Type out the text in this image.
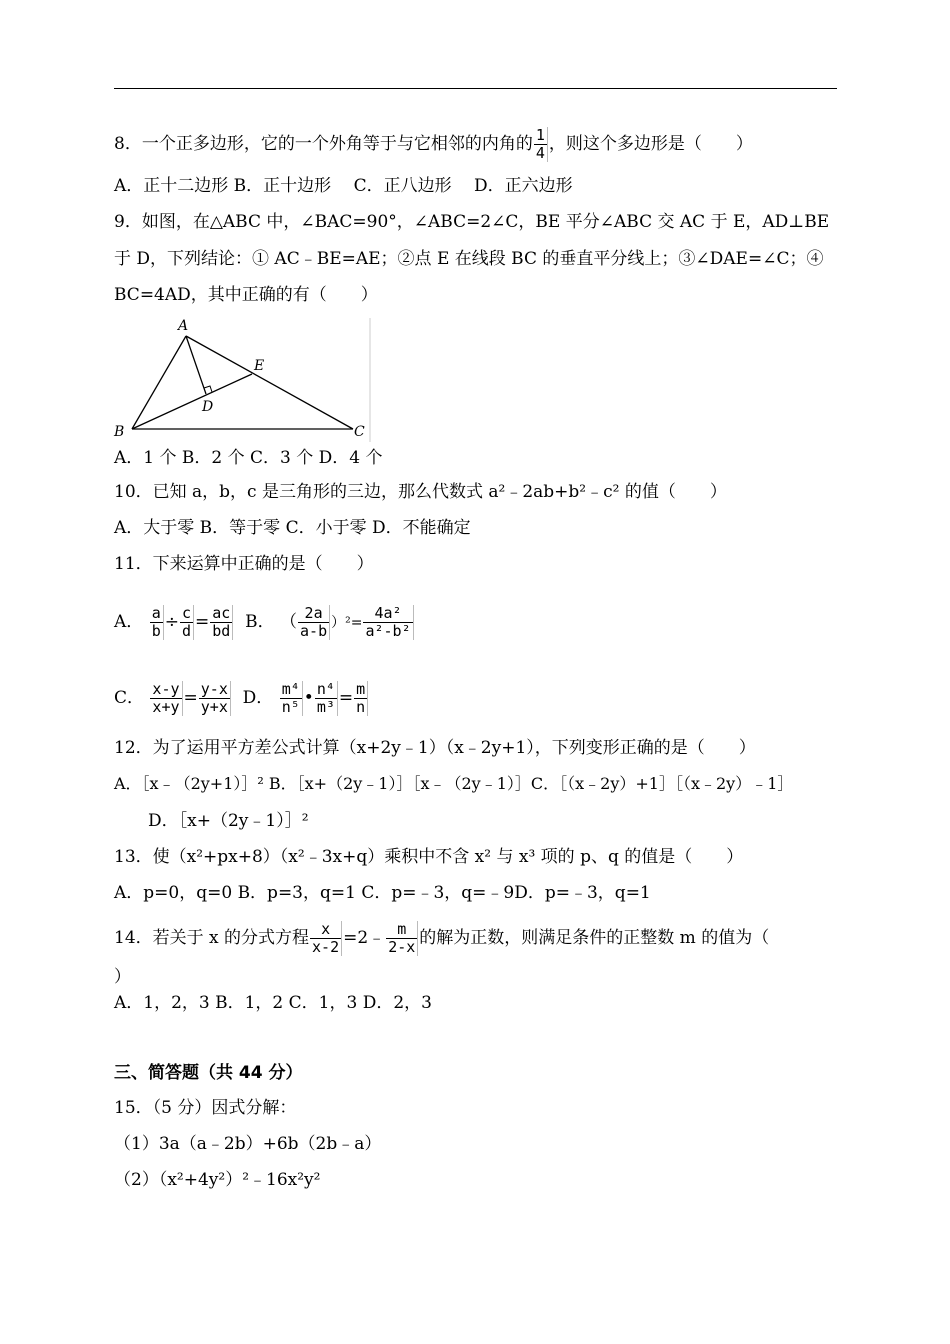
8．一个正多边形，它的一个外角等于与它相邻的内角的 $\frac{1}{4}$ ，则这个多边形是（　　）
A．正十二边形 B．正十边形　 C．正八边形　 D．正六边形
9．如图，在△ABC 中，∠BAC=90°，∠ABC=2∠C，BE 平分∠ABC 交 AC 于 E，AD⊥BE
于 D，下列结论：① AC﹣BE=AE；②点 E 在线段 BC 的垂直平分线上；③∠DAE=∠C；④
BC=4AD，其中正确的有（　　）
A
B	C
D
E
A．1 个 B．2 个 C．3 个 D．4 个
10．已知 a，b，c 是三角形的三边，那么代数式 a²﹣2ab+b²﹣c² 的值（　　）
A．大于零 B．等于零 C．小于零 D．不能确定
11．下来运算中正确的是（　　）
A． $\frac{a}{b} \div \frac{c}{d} = \frac{ac}{bd}$ B． （ $\frac{2a}{a-b} )^2= \frac{\text{4a²}}{\text{a²-b²}}$
C． $\frac{x-y}{x+y} = \frac{y-x}{y+x}$ D． $\frac{\text{m⁴}}{\text{n⁵}}$ • $\frac{\text{n⁴}}{\text{m³}} = \frac{m}{n}$
12．为了运用平方差公式计算（x+2y﹣1）（x﹣2y+1），下列变形正确的是（　　）
A．［x﹣（2y+1）］² B．［x+（2y﹣1）］［x﹣（2y﹣1）］C．［（x﹣2y）+1］［（x﹣2y）﹣1］
D．［x+（2y﹣1）］²
13．使（x²+px+8）（x²﹣3x+q）乘积中不含 x² 与 x³ 项的 p、q 的值是（　　）
A．p=0，q=0 B．p=3，q=1 C．p=﹣3，q=﹣9D．p=﹣3，q=1
14．若关于 x 的分式方程 $\frac{x}{x-2}$ =2﹣ $\frac{m}{2-x}$ 的解为正数，则满足条件的正整数 m 的值为（
）
A．1，2，3 B．1，2 C．1，3 D．2，3
三、简答题（共 44 分）
15．（5 分）因式分解：
（1）3a（a﹣2b）+6b（2b﹣a）
（2）（x²+4y²）²﹣16x²y²
